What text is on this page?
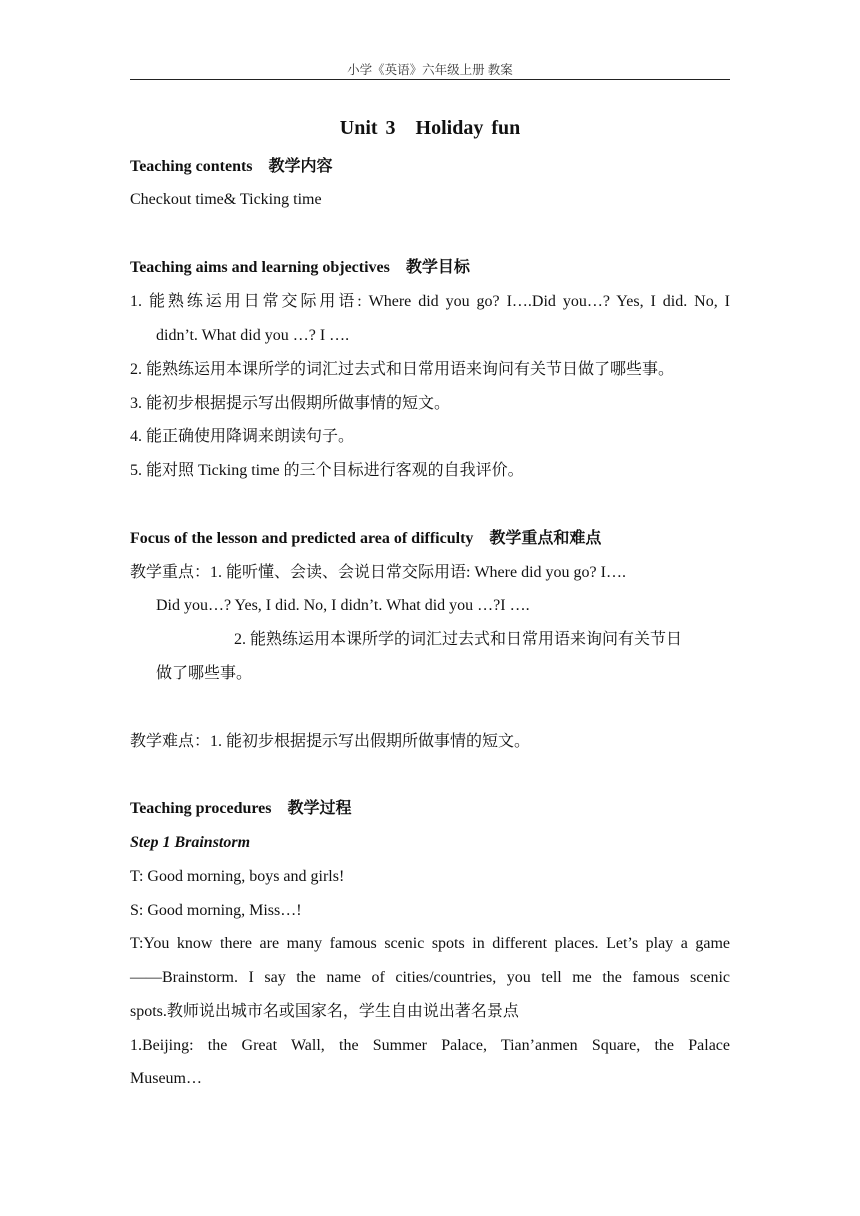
小学《英语》六年级上册 教案
Unit 3　Holiday fun
Teaching contents 教学内容
Checkout time& Ticking time
Teaching aims and learning objectives 教学目标
1. 能熟练运用日常交际用语: Where did you go? I….Did you…? Yes, I did. No, I
didn’t. What did you …? I ….
2. 能熟练运用本课所学的词汇过去式和日常用语来询问有关节日做了哪些事。
3. 能初步根据提示写出假期所做事情的短文。
4. 能正确使用降调来朗读句子。
5. 能对照 Ticking time 的三个目标进行客观的自我评价。
Focus of the lesson and predicted area of difficulty 教学重点和难点
教学重点：1. 能听懂、会读、会说日常交际用语: Where did you go? I….
Did you…? Yes, I did. No, I didn’t. What did you …?I ….
2. 能熟练运用本课所学的词汇过去式和日常用语来询问有关节日
做了哪些事。
教学难点：1. 能初步根据提示写出假期所做事情的短文。
Teaching procedures 教学过程
Step 1 Brainstorm
T: Good morning, boys and girls!
S: Good morning, Miss…!
T:You know there are many famous scenic spots in different places. Let’s play a game
——Brainstorm. I say the name of cities/countries, you tell me the famous scenic
spots.教师说出城市名或国家名，学生自由说出著名景点
1.Beijing: the Great Wall, the Summer Palace, Tian’anmen Square, the Palace
Museum…
